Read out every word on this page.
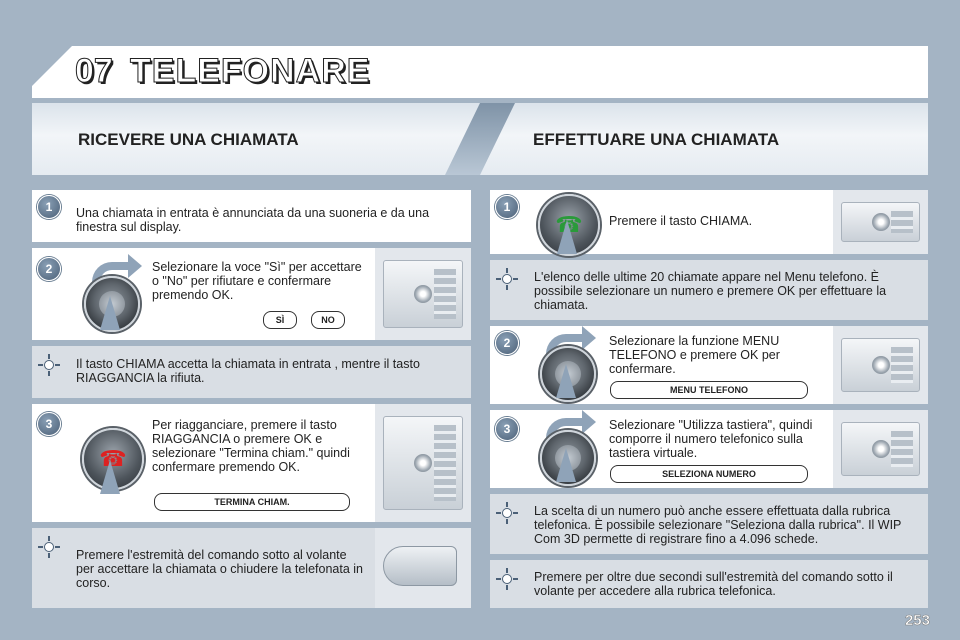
07 TELEFONARE
RICEVERE UNA CHIAMATA	EFFETTUARE UNA CHIAMATA
1	Una chiamata in entrata è annunciata da una suoneria e da una finestra sul display.
2	Selezionare la voce "Sì" per accettare o "No" per rifiutare e confermare premendo OK.
SÌ	NO
Il tasto CHIAMA accetta la chiamata in entrata , mentre il tasto RIAGGANCIA la rifiuta.
3
☎
Per riagganciare, premere il tasto RIAGGANCIA o premere OK e selezionare "Termina chiam." quindi confermare premendo OK.
TERMINA CHIAM.
Premere l'estremità del comando sotto al volante per accettare la chiamata o chiudere la telefonata in corso.
1
☎	Premere il tasto CHIAMA.
L'elenco delle ultime 20 chiamate appare nel Menu telefono. È possibile selezionare un numero e premere OK per effettuare la chiamata.
2	Selezionare la funzione MENU TELEFONO e premere OK per confermare.
MENU TELEFONO
3	Selezionare "Utilizza tastiera", quindi comporre il numero telefonico sulla tastiera virtuale.
SELEZIONA NUMERO
La scelta di un numero può anche essere effettuata dalla rubrica telefonica. È possibile selezionare "Seleziona dalla rubrica". Il WIP Com 3D permette di registrare fino a 4.096 schede.
Premere per oltre due secondi sull'estremità del comando sotto il volante per accedere alla rubrica telefonica.
253
